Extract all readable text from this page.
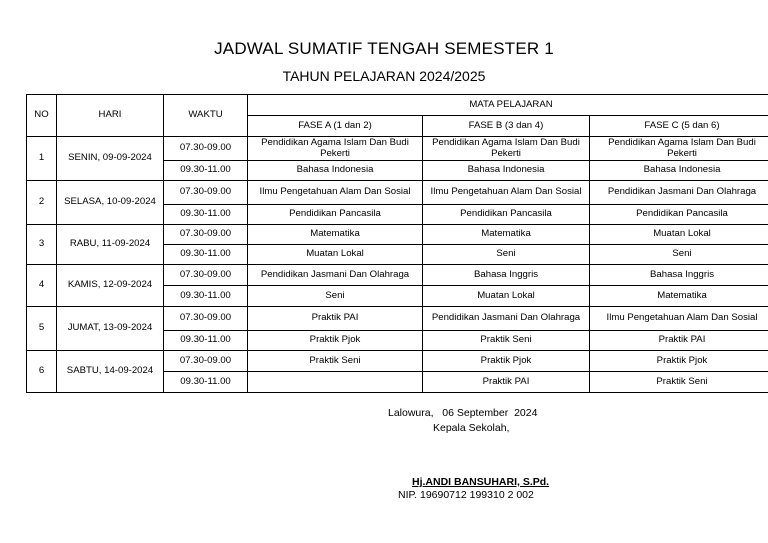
JADWAL SUMATIF TENGAH SEMESTER 1
TAHUN PELAJARAN 2024/2025
NO	HARI	WAKTU	MATA PELAJARAN		
			FASE A (1 dan 2)	FASE B (3 dan 4)	FASE C (5 dan 6)
1	SENIN, 09-09-2024	07.30-09.00	Pendidikan Agama Islam Dan Budi Pekerti	Pendidikan Agama Islam Dan Budi Pekerti	Pendidikan Agama Islam Dan Budi Pekerti
		09.30-11.00	Bahasa Indonesia	Bahasa Indonesia	Bahasa Indonesia
2	SELASA, 10-09-2024	07.30-09.00	Ilmu Pengetahuan Alam Dan Sosial	Ilmu Pengetahuan Alam Dan Sosial	Pendidikan Jasmani Dan Olahraga
		09.30-11.00	Pendidikan Pancasila	Pendidikan Pancasila	Pendidikan Pancasila
3	RABU, 11-09-2024	07.30-09.00	Matematika	Matematika	Muatan Lokal
		09.30-11.00	Muatan Lokal	Seni	Seni
4	KAMIS, 12-09-2024	07.30-09.00	Pendidikan Jasmani Dan Olahraga	Bahasa Inggris	Bahasa Inggris
		09.30-11.00	Seni	Muatan Lokal	Matematika
5	JUMAT, 13-09-2024	07.30-09.00	Praktik PAI	Pendidikan Jasmani Dan Olahraga	Ilmu Pengetahuan Alam Dan Sosial
		09.30-11.00	Praktik Pjok	Praktik Seni	Praktik PAI
6	SABTU, 14-09-2024	07.30-09.00	Praktik Seni	Praktik Pjok	Praktik Pjok
		09.30-11.00		Praktik PAI	Praktik Seni
Lalowura,   06 September  2024
Kepala Sekolah,
Hj.ANDI BANSUHARI, S.Pd.
NIP. 19690712 199310 2 002
